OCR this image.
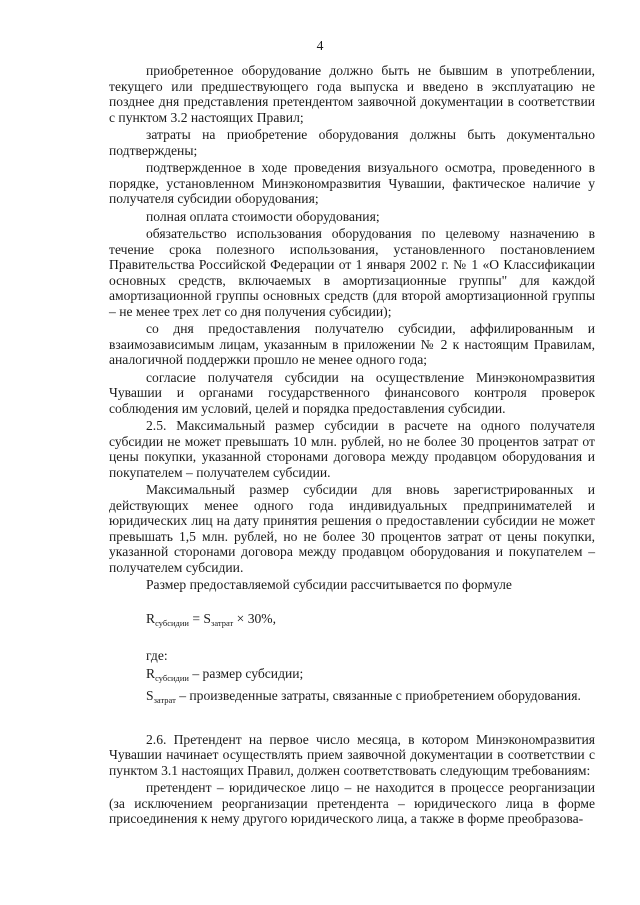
4

приобретенное оборудование должно быть не бывшим в употреблении, текущего или предшествующего года выпуска и введено в эксплуатацию не позднее дня представления претендентом заявочной документации в соответствии с пунктом 3.2 настоящих Правил;

затраты на приобретение оборудования должны быть документально подтверждены;

подтвержденное в ходе проведения визуального осмотра, проведенного в порядке, установленном Минэкономразвития Чувашии, фактическое наличие у получателя субсидии оборудования;

полная оплата стоимости оборудования;

обязательство использования оборудования по целевому назначению в течение срока полезного использования, установленного постановлением Правительства Российской Федерации от 1 января 2002 г. № 1 «О Классификации основных средств, включаемых в амортизационные группы" для каждой амортизационной группы основных средств (для второй амортизационной группы – не менее трех лет со дня получения субсидии);

со дня предоставления получателю субсидии, аффилированным и взаимозависимым лицам, указанным в приложении № 2 к настоящим Правилам, аналогичной поддержки прошло не менее одного года;

согласие получателя субсидии на осуществление Минэкономразвития Чувашии и органами государственного финансового контроля проверок соблюдения им условий, целей и порядка предоставления субсидии.

2.5. Максимальный размер субсидии в расчете на одного получателя субсидии не может превышать 10 млн. рублей, но не более 30 процентов затрат от цены покупки, указанной сторонами договора между продавцом оборудования и покупателем – получателем субсидии.

Максимальный размер субсидии для вновь зарегистрированных и действующих менее одного года индивидуальных предпринимателей и юридических лиц на дату принятия решения о предоставлении субсидии не может превышать 1,5 млн. рублей, но не более 30 процентов затрат от цены покупки, указанной сторонами договора между продавцом оборудования и покупателем – получателем субсидии.

Размер предоставляемой субсидии рассчитывается по формуле

$R_{субсидии} = S_{затрат} \times 30\%$,

где:

$R_{субсидии}$ – размер субсидии;

$S_{затрат}$ – произведенные затраты, связанные с приобретением оборудования.

2.6. Претендент на первое число месяца, в котором Минэкономразвития Чувашии начинает осуществлять прием заявочной документации в соответствии с пунктом 3.1 настоящих Правил, должен соответствовать следующим требованиям:

претендент – юридическое лицо – не находится в процессе реорганизации (за исключением реорганизации претендента – юридического лица в форме присоединения к нему другого юридического лица, а также в форме преобразова-
